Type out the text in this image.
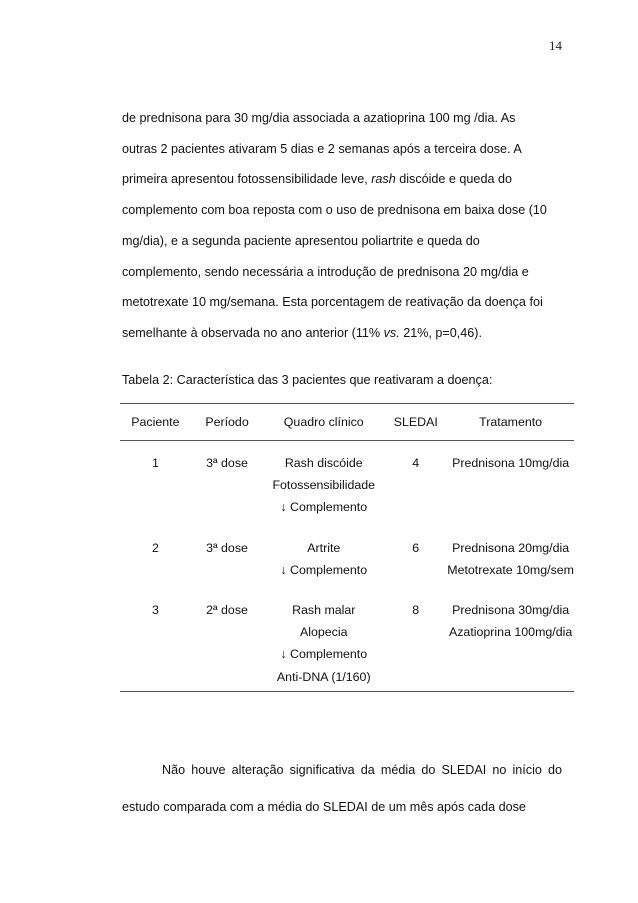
14

de prednisona para 30 mg/dia associada a azatioprina 100 mg /dia. As

outras 2 pacientes ativaram 5 dias e 2 semanas após a terceira dose. A

primeira apresentou fotossensibilidade leve, rash discóide e queda do

complemento com boa reposta com o uso de prednisona em baixa dose (10

mg/dia), e a segunda paciente apresentou poliartrite e queda do

complemento, sendo necessária a introdução de prednisona 20 mg/dia e

metotrexate 10 mg/semana. Esta porcentagem de reativação da doença foi

semelhante à observada no ano anterior (11% vs. 21%, p=0,46).

Tabela 2: Característica das 3 pacientes que reativaram a doença:
Paciente	Período	Quadro clínico	SLEDAI	Tratamento
1	3ª dose	Rash discóide
Fotossensibilidade
↓ Complemento	4	Prednisona 10mg/dia

2	3ª dose	Artrite
↓ Complemento	6	Prednisona 20mg/dia
Metotrexate 10mg/sem

3	2ª dose	Rash malar
Alopecia
↓ Complemento
Anti-DNA (1/160)	8	Prednisona 30mg/dia
Azatioprina 100mg/dia

Não houve alteração significativa da média do SLEDAI no início do estudo comparada com a média do SLEDAI de um mês após cada dose
